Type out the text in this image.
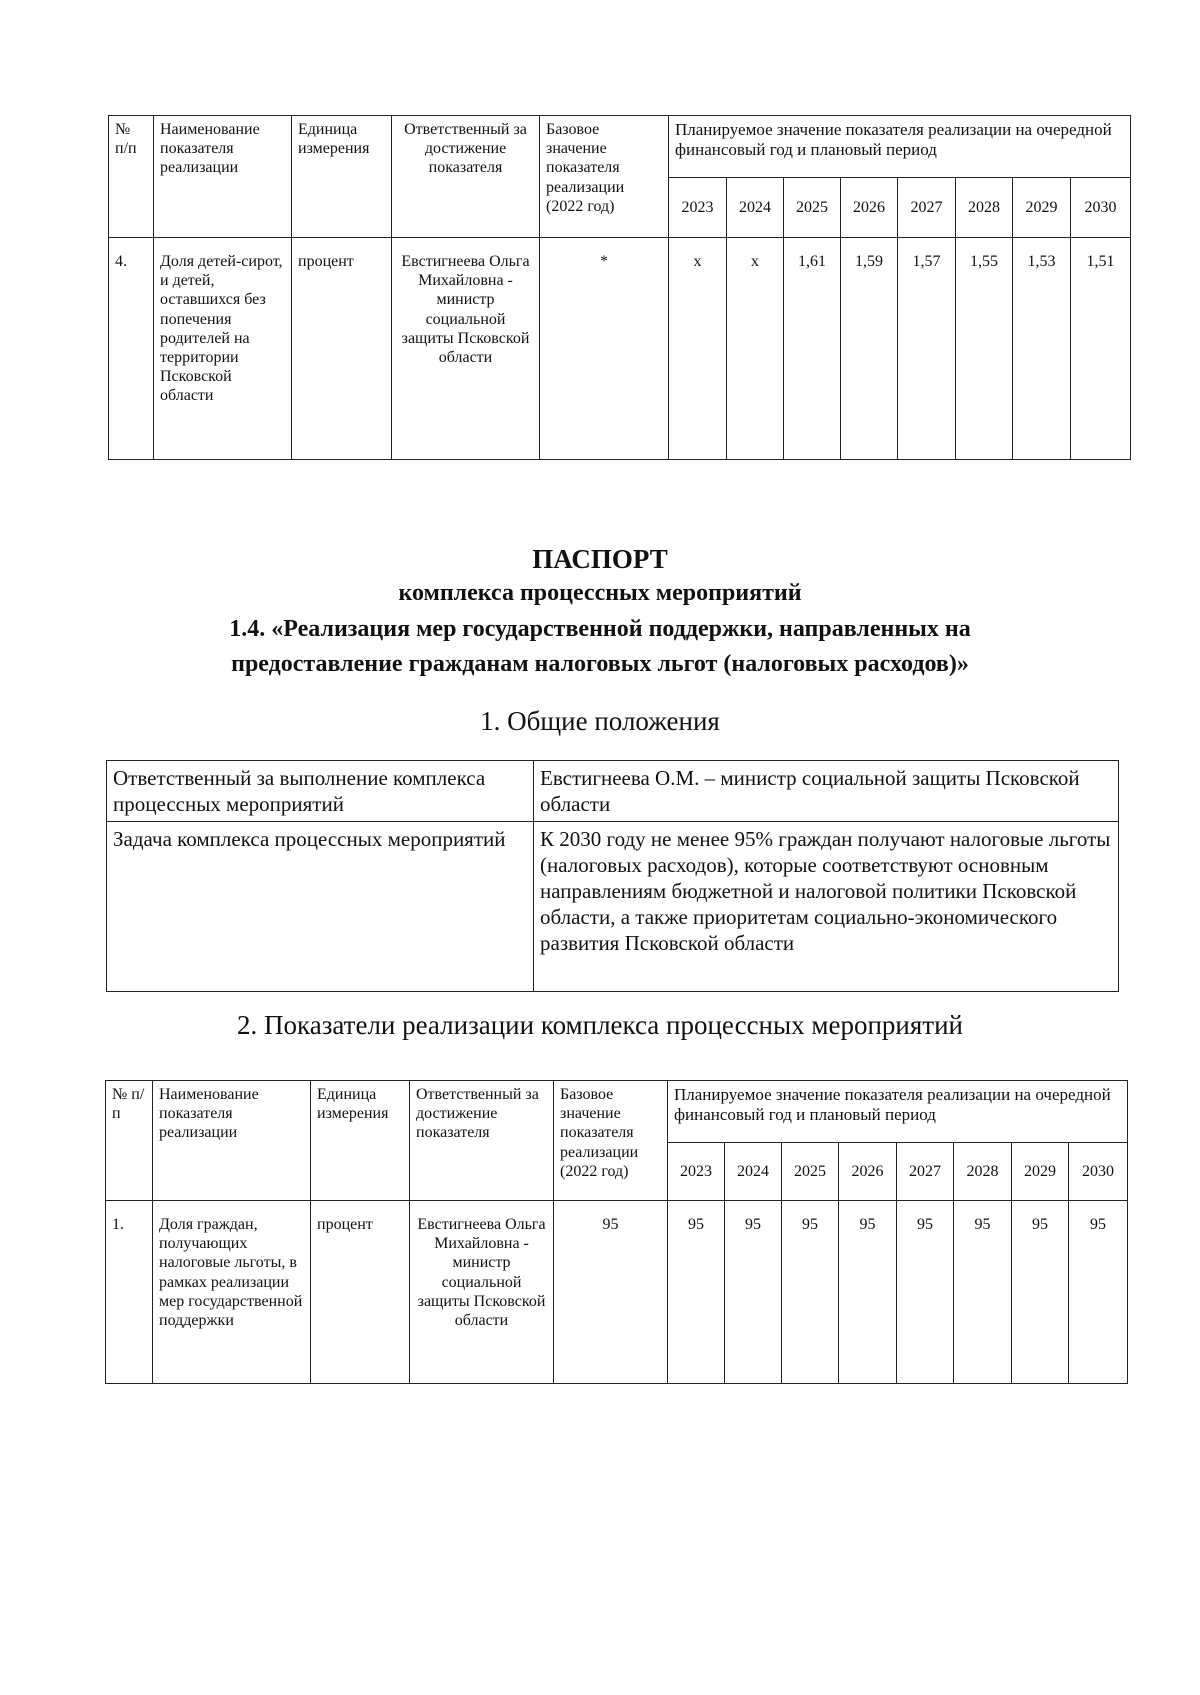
№ п/п	Наименование показателя реализации	Единица измерения	Ответственный за достижение показателя	Базовое значение показателя реализации (2022 год)	Планируемое значение показателя реализации на очередной финансовый год и плановый период							
					2023	2024	2025	2026	2027	2028	2029	2030
4.	Доля детей-сирот, и детей, оставшихся без попечения родителей на территории Псковской области	процент	Евстигнеева Ольга Михайловна - министр социальной защиты Псковской области	*	х	х	1,61	1,59	1,57	1,55	1,53	1,51
ПАСПОРТ
комплекса процессных мероприятий
1.4. «Реализация мер государственной поддержки, направленных на
предоставление гражданам налоговых льгот (налоговых расходов)»
1. Общие положения
Ответственный за выполнение комплекса процессных мероприятий	Евстигнеева О.М. – министр социальной защиты Псковской области
Задача комплекса процессных мероприятий	К 2030 году не менее 95% граждан получают налоговые льготы (налоговых расходов), которые соответствуют основным направлениям бюджетной и налоговой политики Псковской области, а также приоритетам социально-экономического развития Псковской области
2. Показатели реализации комплекса процессных мероприятий
№ п/п	Наименование показателя реализации	Единица измерения	Ответственный за достижение показателя	Базовое значение показателя реализации (2022 год)	Планируемое значение показателя реализации на очередной финансовый год и плановый период							
					2023	2024	2025	2026	2027	2028	2029	2030
1.	Доля граждан, получающих налоговые льготы, в рамках реализации мер государственной поддержки	процент	Евстигнеева Ольга Михайловна - министр социальной защиты Псковской области	95	95	95	95	95	95	95	95	95
